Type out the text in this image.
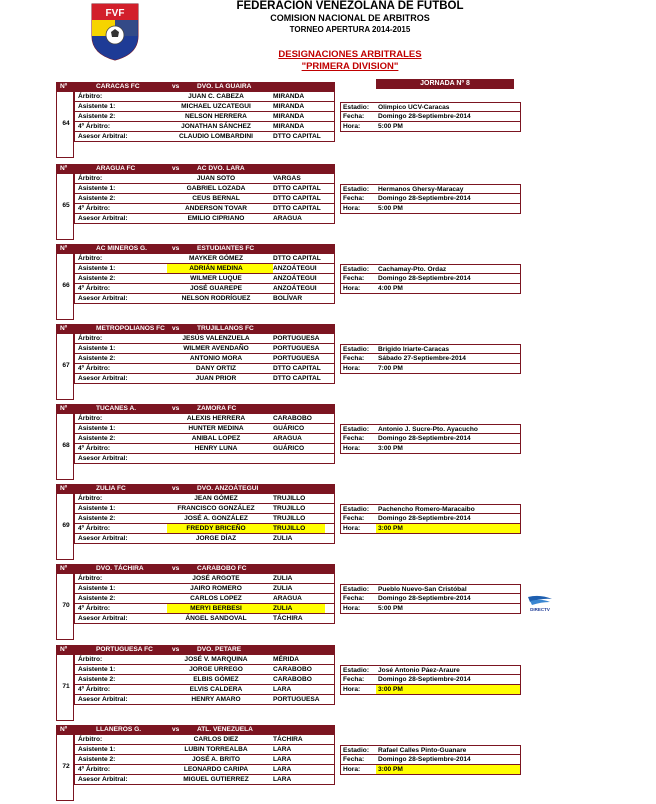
FVF
FEDERACIÓN VENEZOLANA DE FÚTBOL
COMISION NACIONAL DE ARBITROS
TORNEO APERTURA 2014-2015
DESIGNACIONES ARBITRALES
"PRIMERA DIVISION"
JORNADA Nº 8
Nº	CARACAS FC	vs	DVO. LA GUAIRA
64
Árbitro:	JUAN C. CABEZA	MIRANDA
Asistente 1:	MICHAEL UZCATEGUI	MIRANDA
Asistente 2:	NELSON HERRERA	MIRANDA
4º Árbitro:	JONATHAN SÁNCHEZ	MIRANDA
Asesor Arbitral:	CLAUDIO LOMBARDINI	DTTO CAPITAL
Estadio: Olimpico UCV-Caracas
Fecha: Domingo 28-Septiembre-2014
Hora:	5:00 PM
Nº	ARAGUA FC	vs	AC DVO. LARA
65
Árbitro:	JUAN SOTO	VARGAS
Asistente 1:	GABRIEL LOZADA	DTTO CAPITAL
Asistente 2:	CEUS BERNAL	DTTO CAPITAL
4º Árbitro:	ANDERSON TOVAR	DTTO CAPITAL
Asesor Arbitral:	EMILIO CIPRIANO	ARAGUA
Estadio: Hermanos Ghersy-Maracay
Fecha: Domingo 28-Septiembre-2014
Hora:	5:00 PM
Nº	AC MINEROS G.	vs	ESTUDIANTES FC
66
Árbitro:	MAYKER GÓMEZ	DTTO CAPITAL
Asistente 1:	ADRIÁN MEDINA	ANZOÁTEGUI
Asistente 2:	WILMER LUQUE	ANZOÁTEGUI
4º Árbitro:	JOSÉ GUAREPE	ANZOÁTEGUI
Asesor Arbitral:	NELSON RODRÍGUEZ	BOLÍVAR
Estadio: Cachamay-Pto. Ordaz
Fecha: Domingo 28-Septiembre-2014
Hora:	4:00 PM
Nº	METROPOLIANOS FC vs	TRUJILLANOS FC
67
Árbitro:	JESÚS VALENZUELA	PORTUGUESA
Asistente 1:	WILMER AVENDAÑO	PORTUGUESA
Asistente 2:	ANTONIO MORA	PORTUGUESA
4º Árbitro:	DANY ORTIZ	DTTO CAPITAL
Asesor Arbitral:	JUAN PRIOR	DTTO CAPITAL
Estadio: Brigido Iriarte-Caracas
Fecha: Sábado 27-Septiembre-2014
Hora:	7:00 PM
Nº	TUCANES A.	vs	ZAMORA FC
68
Árbitro:	ALEXIS HERRERA	CARABOBO
Asistente 1:	HUNTER MEDINA	GUÁRICO
Asistente 2:	ANIBAL LOPEZ	ARAGUA
4º Árbitro:	HENRY LUNA	GUÁRICO
Asesor Arbitral:
Estadio: Antonio J. Sucre-Pto. Ayacucho
Fecha: Domingo 28-Septiembre-2014
Hora:	3:00 PM
Nº	ZULIA FC	vs	DVO. ANZOÁTEGUI
69
Árbitro:	JEAN GÓMEZ	TRUJILLO
Asistente 1:	FRANCISCO GONZÁLEZ	TRUJILLO
Asistente 2:	JOSÉ A. GONZÁLEZ	TRUJILLO
4º Árbitro:	FREDDY BRICEÑO	TRUJILLO
Asesor Arbitral:	JORGE DÍAZ	ZULIA
Estadio: Pachencho Romero-Maracaibo
Fecha: Domingo 28-Septiembre-2014
Hora:	3:00 PM
Nº	DVO. TÁCHIRA	vs	CARABOBO FC
70
Árbitro:	JOSÉ ARGOTE	ZULIA
Asistente 1:	JAIRO ROMERO	ZULIA
Asistente 2:	CARLOS LOPEZ	ARAGUA
4º Árbitro:	MERYI BERBESI	ZULIA
Asesor Arbitral:	ÁNGEL SANDOVAL	TÁCHIRA
Estadio: Pueblo Nuevo-San Cristóbal
Fecha: Domingo 28-Septiembre-2014
Hora:	5:00 PM
Nº	PORTUGUESA FC	vs	DVO. PETARE
71
Árbitro:	JOSÉ V. MARQUINA	MÉRIDA
Asistente 1:	JORGE URREGO	CARABOBO
Asistente 2:	ELBIS GÓMEZ	CARABOBO
4º Árbitro:	ELVIS CALDERA	LARA
Asesor Arbitral:	HENRY AMARO	PORTUGUESA
Estadio: José Antonio Páez-Araure
Fecha: Domingo 28-Septiembre-2014
Hora:	3:00 PM
Nº	LLANEROS G.	vs	ATL. VENEZUELA
72
Árbitro:	CARLOS DIEZ	TÁCHIRA
Asistente 1:	LUBIN TORREALBA	LARA
Asistente 2:	JOSÉ A. BRITO	LARA
4º Árbitro:	LEONARDO CARIPA	LARA
Asesor Arbitral:	MIGUEL GUTIERREZ	LARA
Estadio: Rafael Calles Pinto-Guanare
Fecha: Domingo 28-Septiembre-2014
Hora:	3:00 PM
DIRECTV
